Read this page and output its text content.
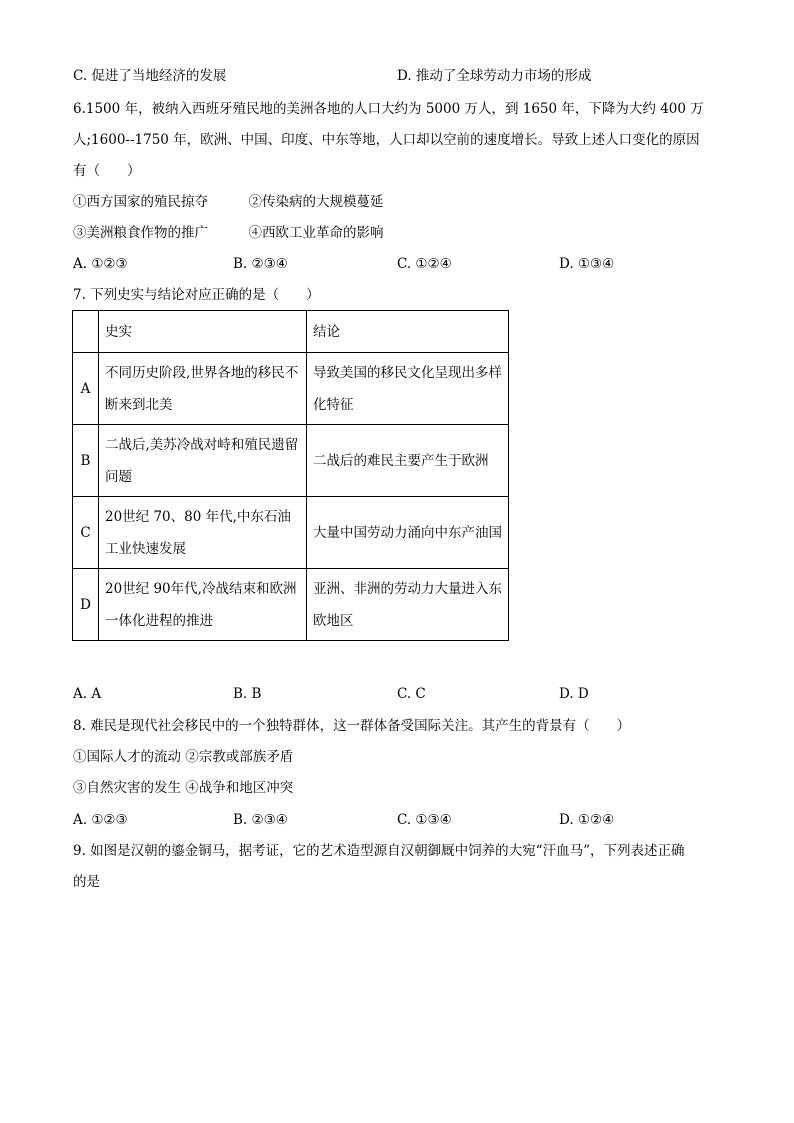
C. 促进了当地经济的发展	D. 推动了全球劳动力市场的形成
6.1500 年，被纳入西班牙殖民地的美洲各地的人口大约为 5000 万人，到 1650 年，下降为大约 400 万
人;1600--1750 年，欧洲、中国、印度、中东等地，人口却以空前的速度增长。导致上述人口变化的原因
有（　　）
①西方国家的殖民掠夺　　　②传染病的大规模蔓延
③美洲粮食作物的推广　　　④西欧工业革命的影响
A. ①②③	B. ②③④	C. ①②④	D. ①③④
7. 下列史实与结论对应正确的是（　　）
	史实	结论
A	不同历史阶段,世界各地的移民不断来到北美	导致美国的移民文化呈现出多样化特征

B	二战后,美苏冷战对峙和殖民遗留问题	二战后的难民主要产生于欧洲

C	20世纪 70、80 年代,中东石油工业快速发展	大量中国劳动力涌向中东产油国

D	20世纪 90年代,冷战结束和欧洲一体化进程的推进	亚洲、非洲的劳动力大量进入东欧地区
A. A	B. B	C. C	D. D
8. 难民是现代社会移民中的一个独特群体，这一群体备受国际关注。其产生的背景有（　　）
①国际人才的流动 ②宗教或部族矛盾
③自然灾害的发生 ④战争和地区冲突
A. ①②③	B. ②③④	C. ①③④	D. ①②④
9. 如图是汉朝的鎏金铜马，据考证，它的艺术造型源自汉朝御厩中饲养的大宛“汗血马”，下列表述正确
的是
